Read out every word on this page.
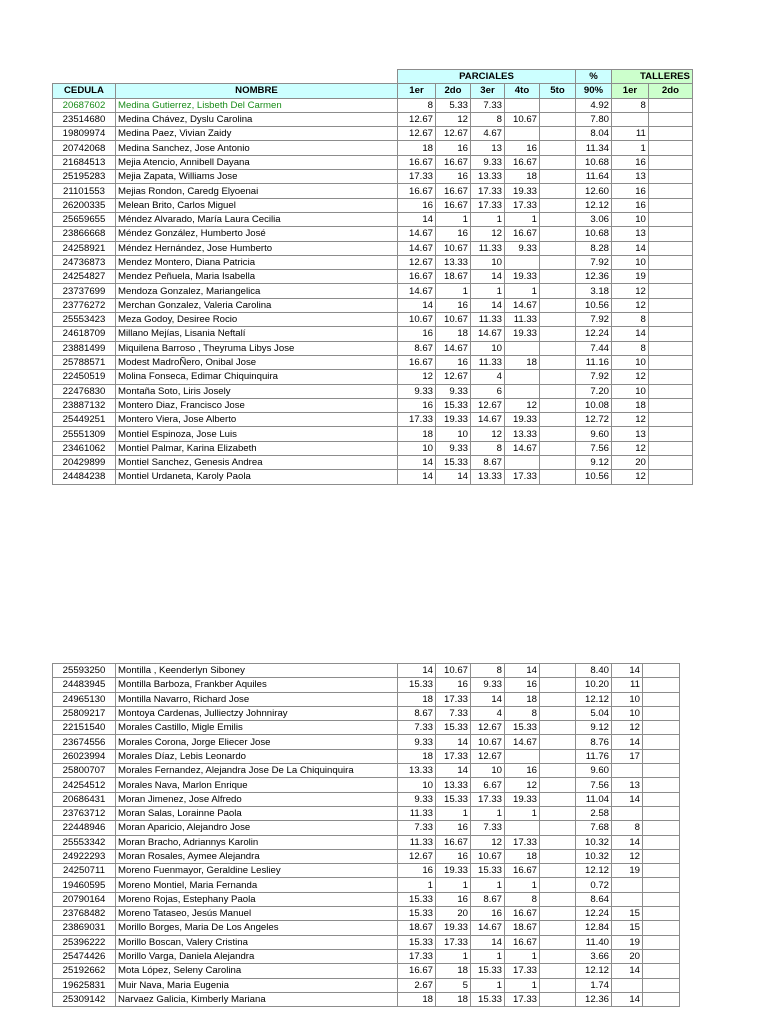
		PARCIALES					%	TALLERES	
CEDULA	NOMBRE	1er	2do	3er	4to	5to	90%	1er	2do
20687602	Medina Gutierrez, Lisbeth Del Carmen	8	5.33	7.33			4.92	8	
23514680	Medina Chávez, Dyslu Carolina	12.67	12	8	10.67		7.80		
19809974	Medina Paez, Vivian Zaidy	12.67	12.67	4.67			8.04	11	
20742068	Medina Sanchez, Jose Antonio	18	16	13	16		11.34	1	
21684513	Mejia Atencio, Annibell Dayana	16.67	16.67	9.33	16.67		10.68	16	
25195283	Mejia Zapata, Williams Jose	17.33	16	13.33	18		11.64	13	
21101553	Mejias Rondon, Caredg Elyoenai	16.67	16.67	17.33	19.33		12.60	16	
26200335	Melean Brito, Carlos Miguel	16	16.67	17.33	17.33		12.12	16	
25659655	Méndez Alvarado, María Laura Cecilia	14	1	1	1		3.06	10	
23866668	Méndez González, Humberto José	14.67	16	12	16.67		10.68	13	
24258921	Méndez Hernández, Jose Humberto	14.67	10.67	11.33	9.33		8.28	14	
24736873	Mendez Montero, Diana Patricia	12.67	13.33	10			7.92	10	
24254827	Mendez Peñuela, Maria Isabella	16.67	18.67	14	19.33		12.36	19	
23737699	Mendoza Gonzalez, Mariangelica	14.67	1	1	1		3.18	12	
23776272	Merchan Gonzalez, Valeria Carolina	14	16	14	14.67		10.56	12	
25553423	Meza Godoy, Desiree Rocio	10.67	10.67	11.33	11.33		7.92	8	
24618709	Millano Mejías, Lisania Neftalí	16	18	14.67	19.33		12.24	14	
23881499	Miquilena Barroso , Theyruma Libys Jose	8.67	14.67	10			7.44	8	
25788571	Modest MadroÑero, Onibal Jose	16.67	16	11.33	18		11.16	10	
22450519	Molina Fonseca, Edimar Chiquinquira	12	12.67	4			7.92	12	
22476830	Montaña Soto, Liris Josely	9.33	9.33	6			7.20	10	
23887132	Montero Diaz, Francisco Jose	16	15.33	12.67	12		10.08	18	
25449251	Montero Viera, Jose Alberto	17.33	19.33	14.67	19.33		12.72	12	
25551309	Montiel Espinoza, Jose Luis	18	10	12	13.33		9.60	13	
23461062	Montiel Palmar, Karina Elizabeth	10	9.33	8	14.67		7.56	12	
20429899	Montiel Sanchez, Genesis Andrea	14	15.33	8.67			9.12	20	
24484238	Montiel Urdaneta, Karoly Paola	14	14	13.33	17.33		10.56	12	
25593250	Montilla , Keenderlyn Siboney	14	10.67	8	14		8.40	14	
24483945	Montilla Barboza, Frankber Aquiles	15.33	16	9.33	16		10.20	11	
24965130	Montilla Navarro, Richard Jose	18	17.33	14	18		12.12	10	
25809217	Montoya Cardenas, Julliectzy Johnniray	8.67	7.33	4	8		5.04	10	
22151540	Morales Castillo, Migle Emilis	7.33	15.33	12.67	15.33		9.12	12	
23674556	Morales Corona, Jorge Eliecer Jose	9.33	14	10.67	14.67		8.76	14	
26023994	Morales Díaz, Lebis Leonardo	18	17.33	12.67			11.76	17	
25800707	Morales Fernandez, Alejandra Jose De La Chiquinquira	13.33	14	10	16		9.60		
24254512	Morales Nava, Marlon Enrique	10	13.33	6.67	12		7.56	13	
20686431	Moran Jimenez, Jose Alfredo	9.33	15.33	17.33	19.33		11.04	14	
23763712	Moran Salas, Lorainne Paola	11.33	1	1	1		2.58		
22448946	Moran Aparicio, Alejandro Jose	7.33	16	7.33			7.68	8	
25553342	Moran Bracho, Adriannys Karolin	11.33	16.67	12	17.33		10.32	14	
24922293	Moran Rosales, Aymee Alejandra	12.67	16	10.67	18		10.32	12	
24250711	Moreno Fuenmayor, Geraldine Lesliey	16	19.33	15.33	16.67		12.12	19	
19460595	Moreno Montiel, Maria Fernanda	1	1	1	1		0.72		
20790164	Moreno Rojas, Estephany Paola	15.33	16	8.67	8		8.64		
23768482	Moreno Tataseo, Jesús Manuel	15.33	20	16	16.67		12.24	15	
23869031	Morillo Borges, Maria De Los Angeles	18.67	19.33	14.67	18.67		12.84	15	
25396222	Morillo Boscan, Valery Cristina	15.33	17.33	14	16.67		11.40	19	
25474426	Morillo Varga, Daniela Alejandra	17.33	1	1	1		3.66	20	
25192662	Mota López, Seleny Carolina	16.67	18	15.33	17.33		12.12	14	
19625831	Muir Nava, Maria Eugenia	2.67	5	1	1		1.74		
25309142	Narvaez Galicia, Kimberly Mariana	18	18	15.33	17.33		12.36	14	
